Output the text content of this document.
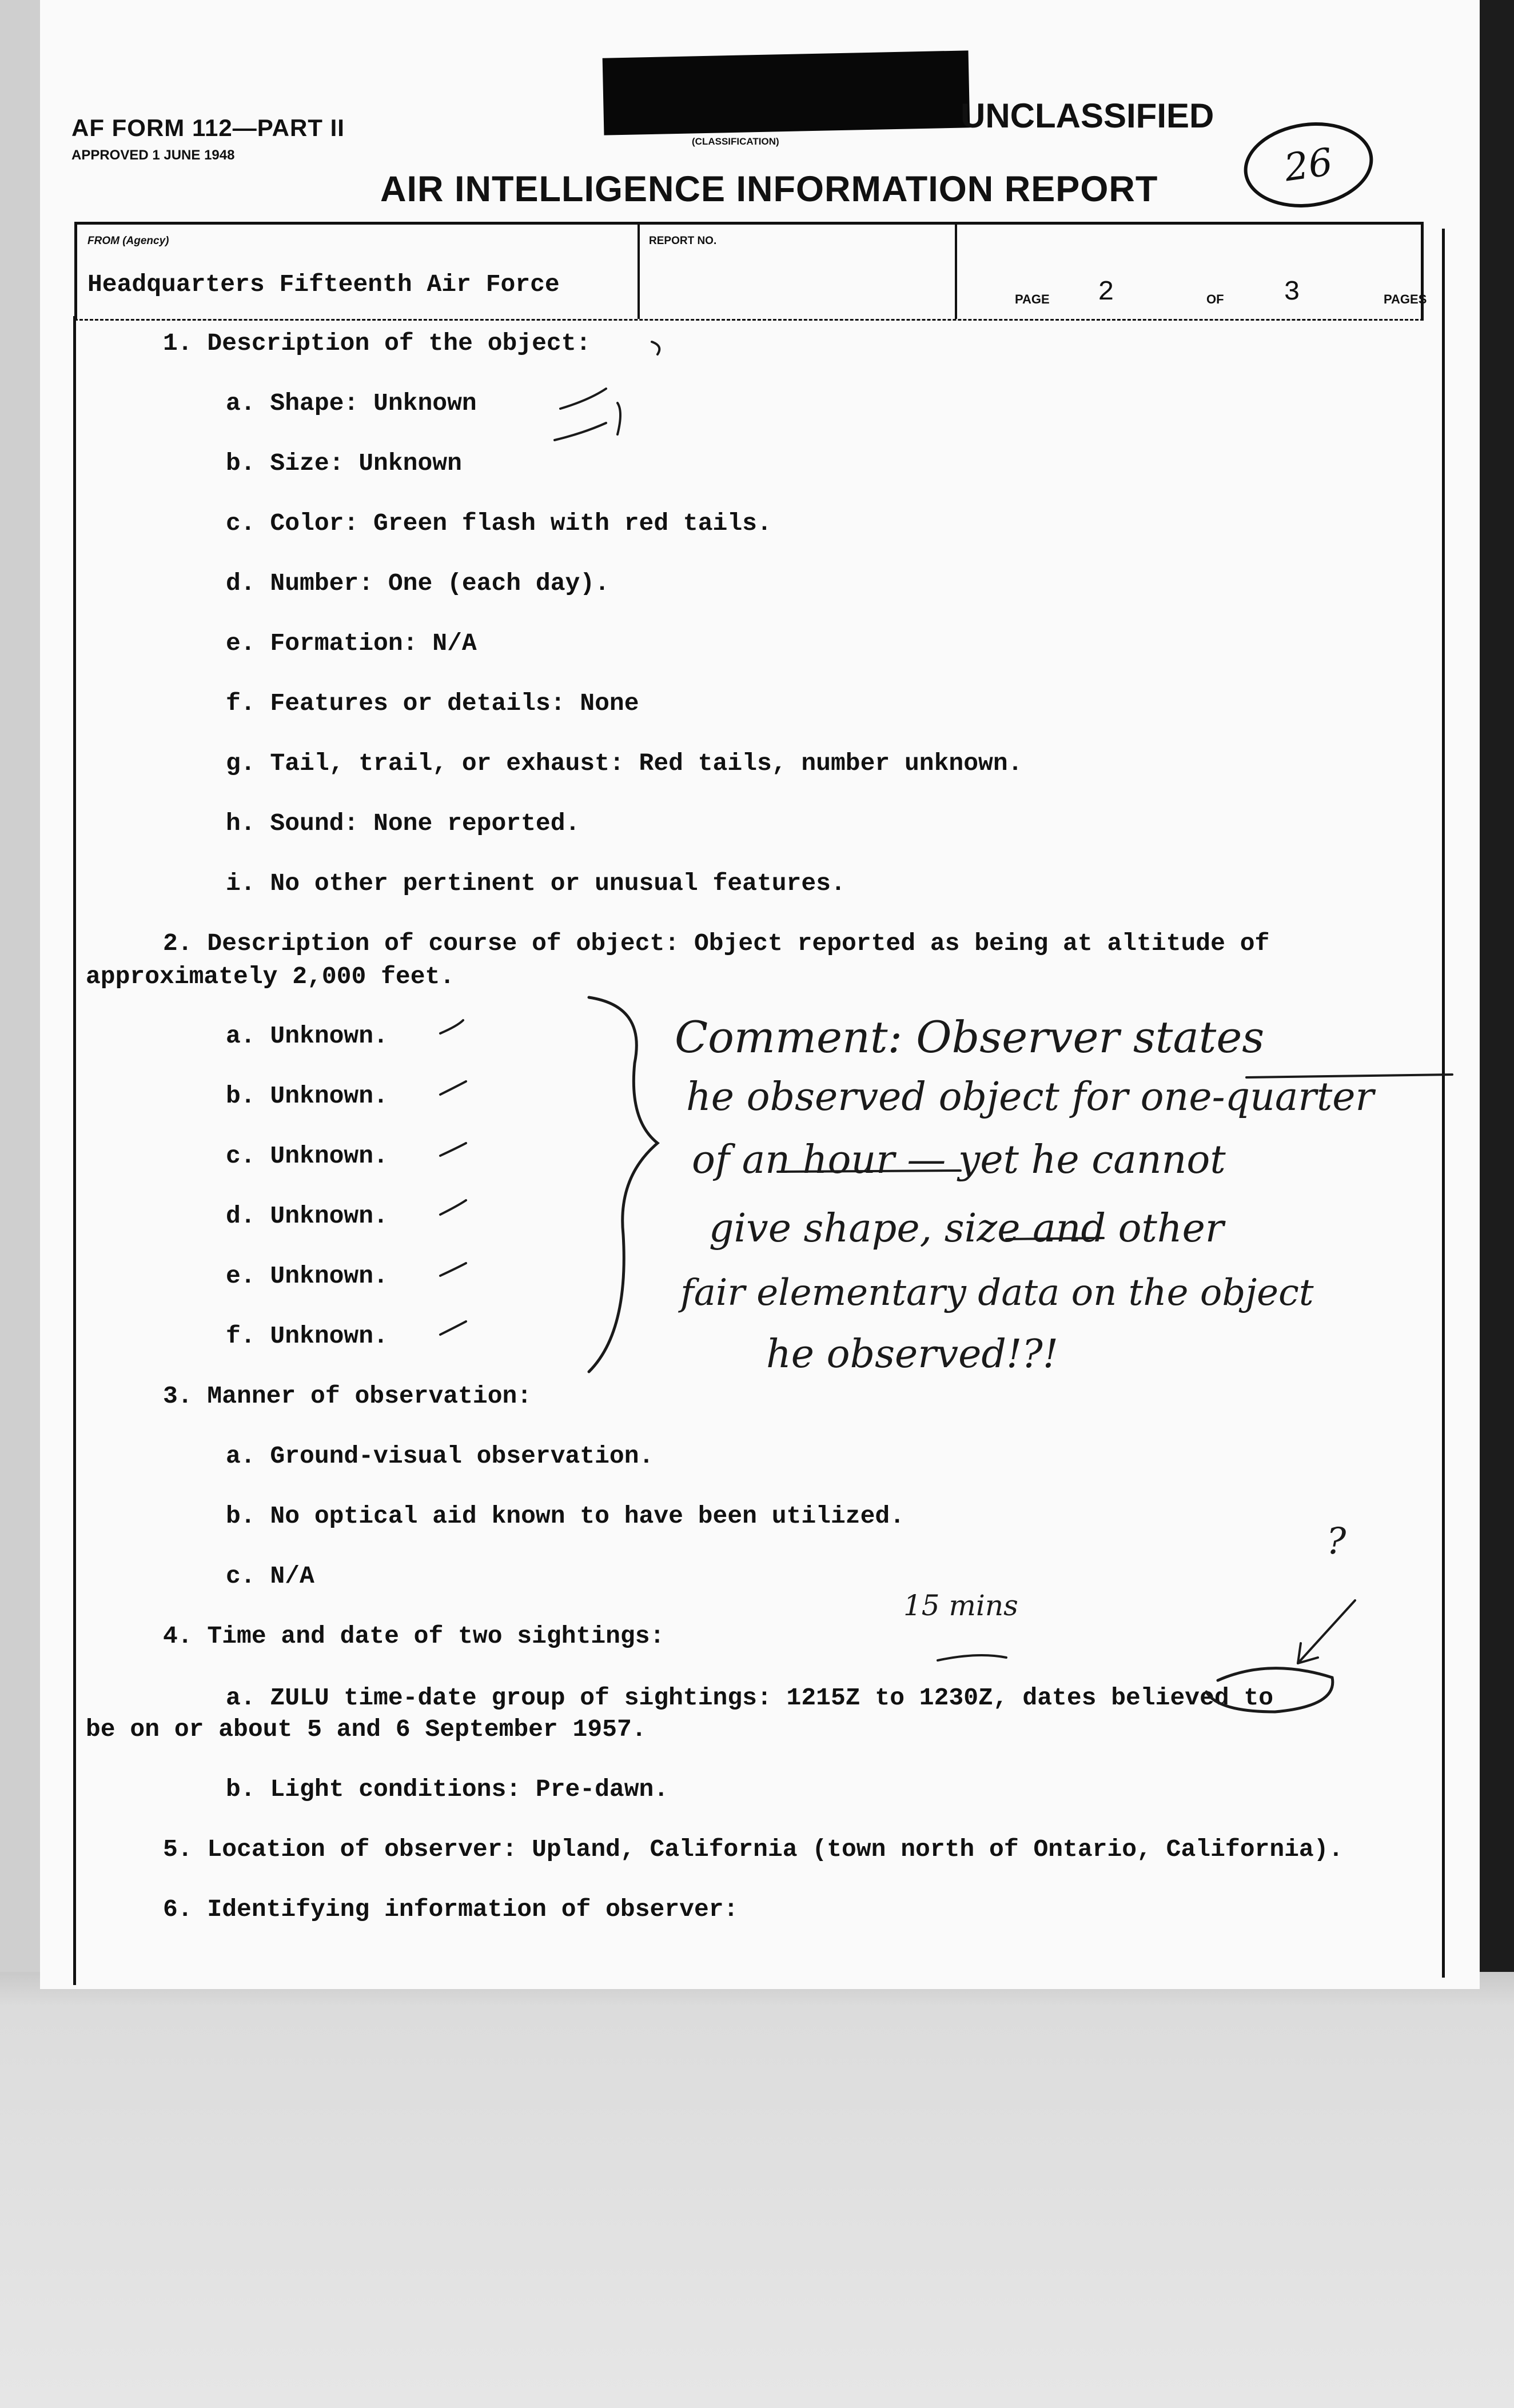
AF FORM 112—PART II
APPROVED 1 JUNE 1948
UNCLASSIFIED
(CLASSIFICATION)	26
AIR INTELLIGENCE INFORMATION REPORT
FROM (Agency)
Headquarters Fifteenth Air Force
REPORT NO.
PAGE 2	OF 3	PAGES
1. Description of the object:
a. Shape: Unknown
b. Size: Unknown
c. Color: Green flash with red tails.
d. Number: One (each day).
e. Formation: N/A
f. Features or details: None
g. Tail, trail, or exhaust: Red tails, number unknown.
h. Sound: None reported.
i. No other pertinent or unusual features.
2. Description of course of object: Object reported as being at altitude of
approximately 2,000 feet.
a. Unknown.
b. Unknown.
c. Unknown.
d. Unknown.
e. Unknown.
f. Unknown.
3. Manner of observation:
a. Ground-visual observation.
b. No optical aid known to have been utilized.
c. N/A
4. Time and date of two sightings:
a. ZULU time-date group of sightings: 1215Z to 1230Z, dates believed to
be on or about 5 and 6 September 1957.
b. Light conditions: Pre-dawn.
5. Location of observer: Upland, California (town north of Ontario, California).
6. Identifying information of observer:
Comment: Observer states
he observed object for one-quarter
of an hour — yet he cannot
give shape, size and other
fair elementary data on the object
he observed!?!
15 mins
?
